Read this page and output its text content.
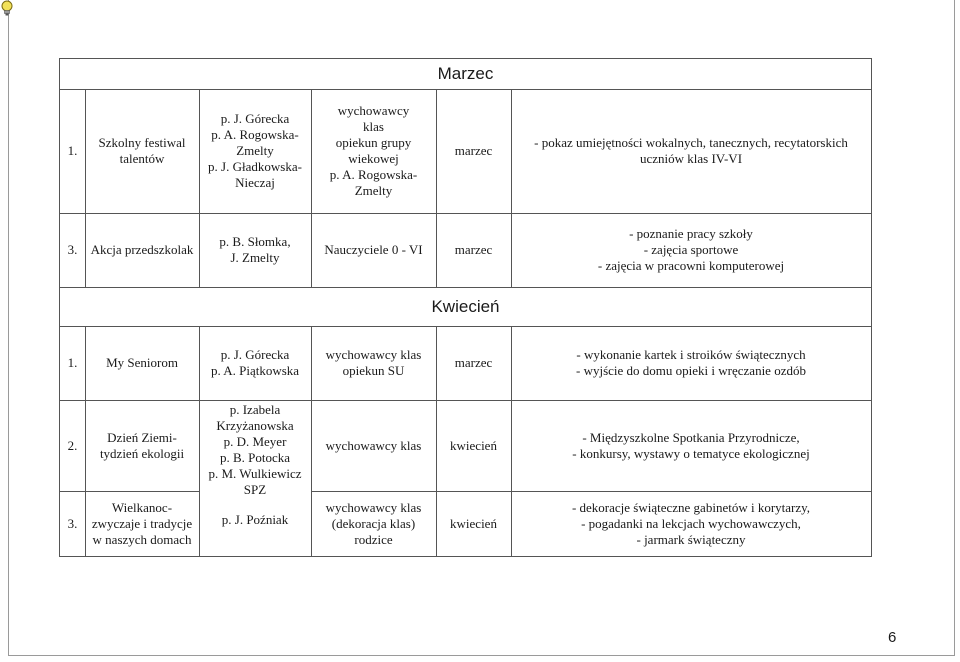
Marzec
1.
Szkolny festiwal
talentów
p. J. Górecka
p. A. Rogowska-
Zmelty
p. J. Gładkowska-
Nieczaj
wychowawcy
klas
opiekun grupy
wiekowej
p. A. Rogowska-
Zmelty
marzec
- pokaz umiejętności wokalnych, tanecznych, recytatorskich
uczniów klas IV-VI
3. Akcja przedszkolak
p. B. Słomka,
J. Zmelty
Nauczyciele 0 - VI marzec
- poznanie pracy szkoły
- zajęcia sportowe
- zajęcia w pracowni komputerowej
Kwiecień
1. My Seniorom
p. J. Górecka
p. A. Piątkowska
wychowawcy klas
opiekun SU
marzec
- wykonanie kartek i stroików świątecznych
- wyjście do domu opieki i wręczanie ozdób
2.
Dzień Ziemi-
tydzień ekologii
p. Izabela
Krzyżanowska
p. D. Meyer
p. B. Potocka
p. M. Wulkiewicz
SPZ
p. J. Poźniak
wychowawcy klas kwiecień
- Międzyszkolne Spotkania Przyrodnicze,
- konkursy, wystawy o tematyce ekologicznej
3.
Wielkanoc-
zwyczaje i tradycje
w naszych domach
wychowawcy klas
(dekoracja klas)
rodzice
kwiecień
- dekoracje świąteczne gabinetów i korytarzy,
- pogadanki na lekcjach wychowawczych,
- jarmark świąteczny
6
